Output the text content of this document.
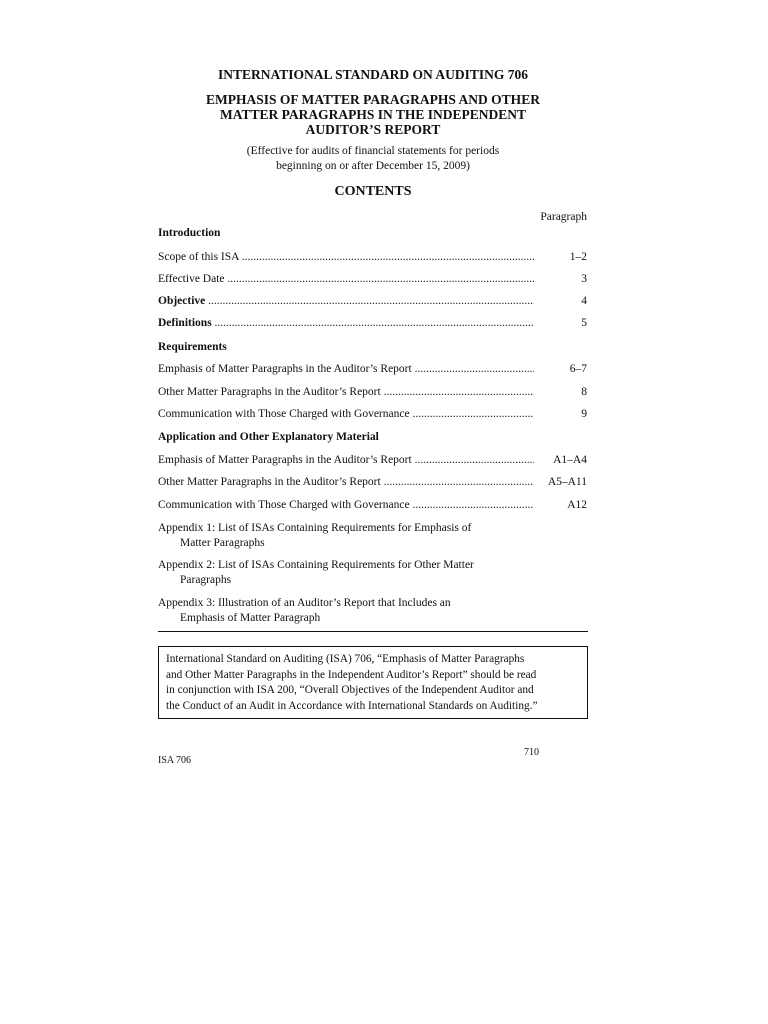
INTERNATIONAL STANDARD ON AUDITING 706
EMPHASIS OF MATTER PARAGRAPHS AND OTHER
MATTER PARAGRAPHS IN THE INDEPENDENT
AUDITOR’S REPORT
(Effective for audits of financial statements for periods
beginning on or after December 15, 2009)
CONTENTS
Paragraph
Introduction
Scope of this ISA .....	1–2
Effective Date .....	3
Objective .....	4
Definitions .....	5
Requirements
Emphasis of Matter Paragraphs in the Auditor’s Report .....	6–7
Other Matter Paragraphs in the Auditor’s Report .....	8
Communication with Those Charged with Governance .....	9
Application and Other Explanatory Material
Emphasis of Matter Paragraphs in the Auditor’s Report .....	A1–A4
Other Matter Paragraphs in the Auditor’s Report .....	A5–A11
Communication with Those Charged with Governance .....	A12
Appendix 1: List of ISAs Containing Requirements for Emphasis of
Matter Paragraphs
Appendix 2: List of ISAs Containing Requirements for Other Matter
Paragraphs
Appendix 3: Illustration of an Auditor’s Report that Includes an
Emphasis of Matter Paragraph
International Standard on Auditing (ISA) 706, “Emphasis of Matter Paragraphs
and Other Matter Paragraphs in the Independent Auditor’s Report” should be read
in conjunction with ISA 200, “Overall Objectives of the Independent Auditor and
the Conduct of an Audit in Accordance with International Standards on Auditing.”
710
ISA 706
